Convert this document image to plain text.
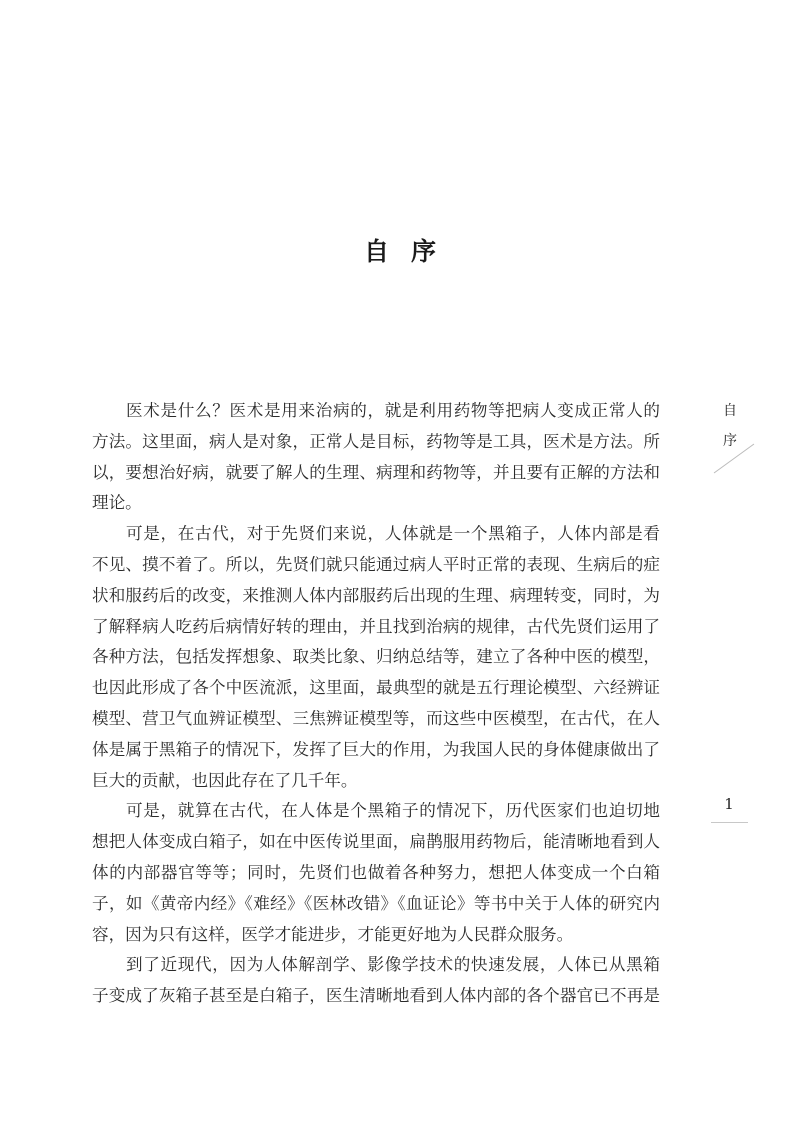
自序
医术是什么？医术是用来治病的，就是利用药物等把病人变成正常人的
方法。这里面，病人是对象，正常人是目标，药物等是工具，医术是方法。所
以，要想治好病，就要了解人的生理、病理和药物等，并且要有正解的方法和
理论。
可是，在古代，对于先贤们来说，人体就是一个黑箱子，人体内部是看
不见、摸不着了。所以，先贤们就只能通过病人平时正常的表现、生病后的症
状和服药后的改变，来推测人体内部服药后出现的生理、病理转变，同时，为
了解释病人吃药后病情好转的理由，并且找到治病的规律，古代先贤们运用了
各种方法，包括发挥想象、取类比象、归纳总结等，建立了各种中医的模型，
也因此形成了各个中医流派，这里面，最典型的就是五行理论模型、六经辨证
模型、营卫气血辨证模型、三焦辨证模型等，而这些中医模型，在古代，在人
体是属于黑箱子的情况下，发挥了巨大的作用，为我国人民的身体健康做出了
巨大的贡献，也因此存在了几千年。
可是，就算在古代，在人体是个黑箱子的情况下，历代医家们也迫切地
想把人体变成白箱子，如在中医传说里面，扁鹊服用药物后，能清晰地看到人
体的内部器官等等；同时，先贤们也做着各种努力，想把人体变成一个白箱
子，如《黄帝内经》《难经》《医林改错》《血证论》等书中关于人体的研究内
容，因为只有这样，医学才能进步，才能更好地为人民群众服务。
到了近现代，因为人体解剖学、影像学技术的快速发展，人体已从黑箱
子变成了灰箱子甚至是白箱子，医生清晰地看到人体内部的各个器官已不再是
自
序
1
